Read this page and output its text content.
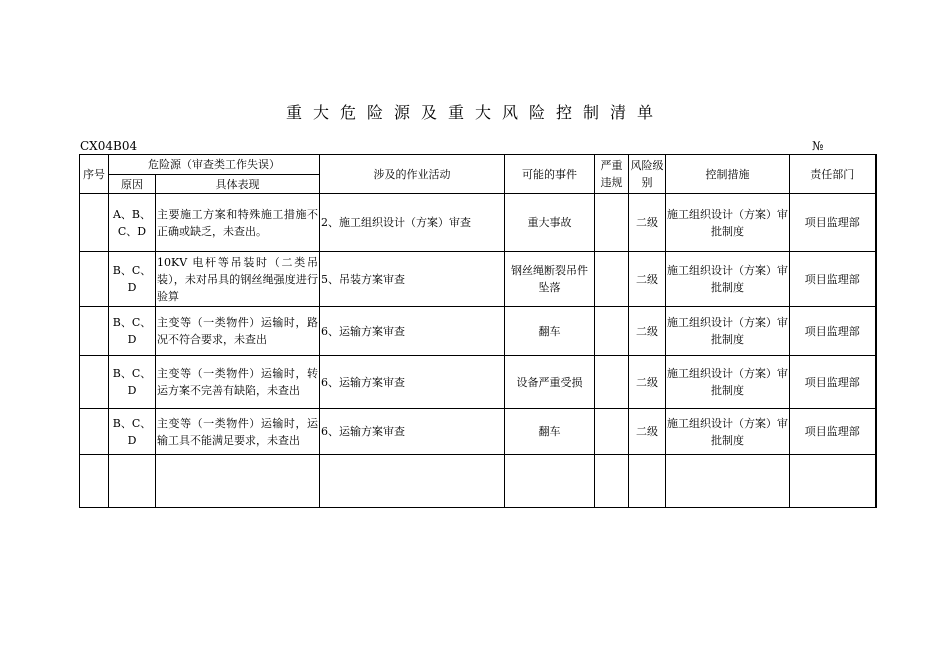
重大危险源及重大风险控制清单
CX04B04	№
序号	危险源（审查类工作失误）		涉及的作业活动	可能的事件	严重违规	风险级别	控制措施	责任部门
	原因	具体表现						
	A、B、C、D	主要施工方案和特殊施工措施不正确或缺乏，未查出。	2、施工组织设计（方案）审查	重大事故		二级	施工组织设计（方案）审批制度	项目监理部
	B、C、D	10KV 电杆等吊装时（二类吊装），未对吊具的钢丝绳强度进行验算	5、吊装方案审查	钢丝绳断裂吊件坠落		二级	施工组织设计（方案）审批制度	项目监理部
	B、C、D	主变等（一类物件）运输时，路况不符合要求，未查出	6、运输方案审查	翻车		二级	施工组织设计（方案）审批制度	项目监理部
	B、C、D	主变等（一类物件）运输时，转运方案不完善有缺陷，未查出	6、运输方案审查	设备严重受损		二级	施工组织设计（方案）审批制度	项目监理部
	B、C、D	主变等（一类物件）运输时，运输工具不能满足要求，未查出	6、运输方案审查	翻车		二级	施工组织设计（方案）审批制度	项目监理部
